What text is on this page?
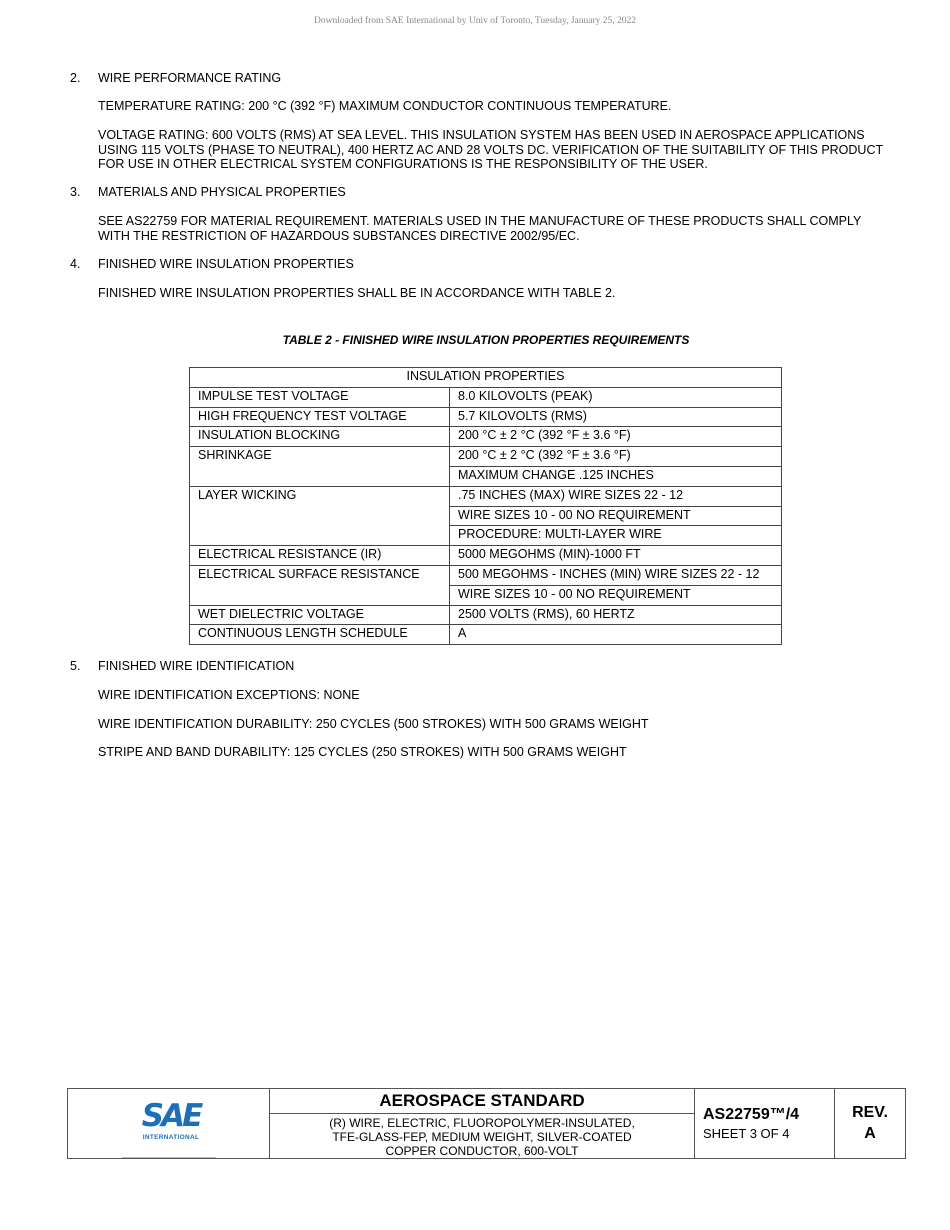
Downloaded from SAE International by Univ of Toronto, Tuesday, January 25, 2022
2. WIRE PERFORMANCE RATING
TEMPERATURE RATING: 200 °C (392 °F) MAXIMUM CONDUCTOR CONTINUOUS TEMPERATURE.
VOLTAGE RATING: 600 VOLTS (RMS) AT SEA LEVEL. THIS INSULATION SYSTEM HAS BEEN USED IN AEROSPACE APPLICATIONS USING 115 VOLTS (PHASE TO NEUTRAL), 400 HERTZ AC AND 28 VOLTS DC. VERIFICATION OF THE SUITABILITY OF THIS PRODUCT FOR USE IN OTHER ELECTRICAL SYSTEM CONFIGURATIONS IS THE RESPONSIBILITY OF THE USER.
3. MATERIALS AND PHYSICAL PROPERTIES
SEE AS22759 FOR MATERIAL REQUIREMENT. MATERIALS USED IN THE MANUFACTURE OF THESE PRODUCTS SHALL COMPLY WITH THE RESTRICTION OF HAZARDOUS SUBSTANCES DIRECTIVE 2002/95/EC.
4. FINISHED WIRE INSULATION PROPERTIES
FINISHED WIRE INSULATION PROPERTIES SHALL BE IN ACCORDANCE WITH TABLE 2.
TABLE 2 - FINISHED WIRE INSULATION PROPERTIES REQUIREMENTS
INSULATION PROPERTIES	
IMPULSE TEST VOLTAGE	8.0 KILOVOLTS (PEAK)
HIGH FREQUENCY TEST VOLTAGE	5.7 KILOVOLTS (RMS)
INSULATION BLOCKING	200 °C ± 2 °C (392 °F ± 3.6 °F)
SHRINKAGE	200 °C ± 2 °C (392 °F ± 3.6 °F)
	MAXIMUM CHANGE .125 INCHES
LAYER WICKING	.75 INCHES (MAX) WIRE SIZES 22 - 12
	WIRE SIZES 10 - 00 NO REQUIREMENT
	PROCEDURE: MULTI-LAYER WIRE
ELECTRICAL RESISTANCE (IR)	5000 MEGOHMS (MIN)-1000 FT
ELECTRICAL SURFACE RESISTANCE	500 MEGOHMS - INCHES (MIN) WIRE SIZES 22 - 12
	WIRE SIZES 10 - 00 NO REQUIREMENT
WET DIELECTRIC VOLTAGE	2500 VOLTS (RMS), 60 HERTZ
CONTINUOUS LENGTH SCHEDULE	A
5. FINISHED WIRE IDENTIFICATION
WIRE IDENTIFICATION EXCEPTIONS: NONE
WIRE IDENTIFICATION DURABILITY: 250 CYCLES (500 STROKES) WITH 500 GRAMS WEIGHT
STRIPE AND BAND DURABILITY: 125 CYCLES (250 STROKES) WITH 500 GRAMS WEIGHT
SAE
INTERNATIONAL
AEROSPACE STANDARD
(R) WIRE, ELECTRIC, FLUOROPOLYMER-INSULATED,
TFE-GLASS-FEP, MEDIUM WEIGHT, SILVER-COATED
COPPER CONDUCTOR, 600-VOLT
AS22759™/4
SHEET 3 OF 4
REV.
A
